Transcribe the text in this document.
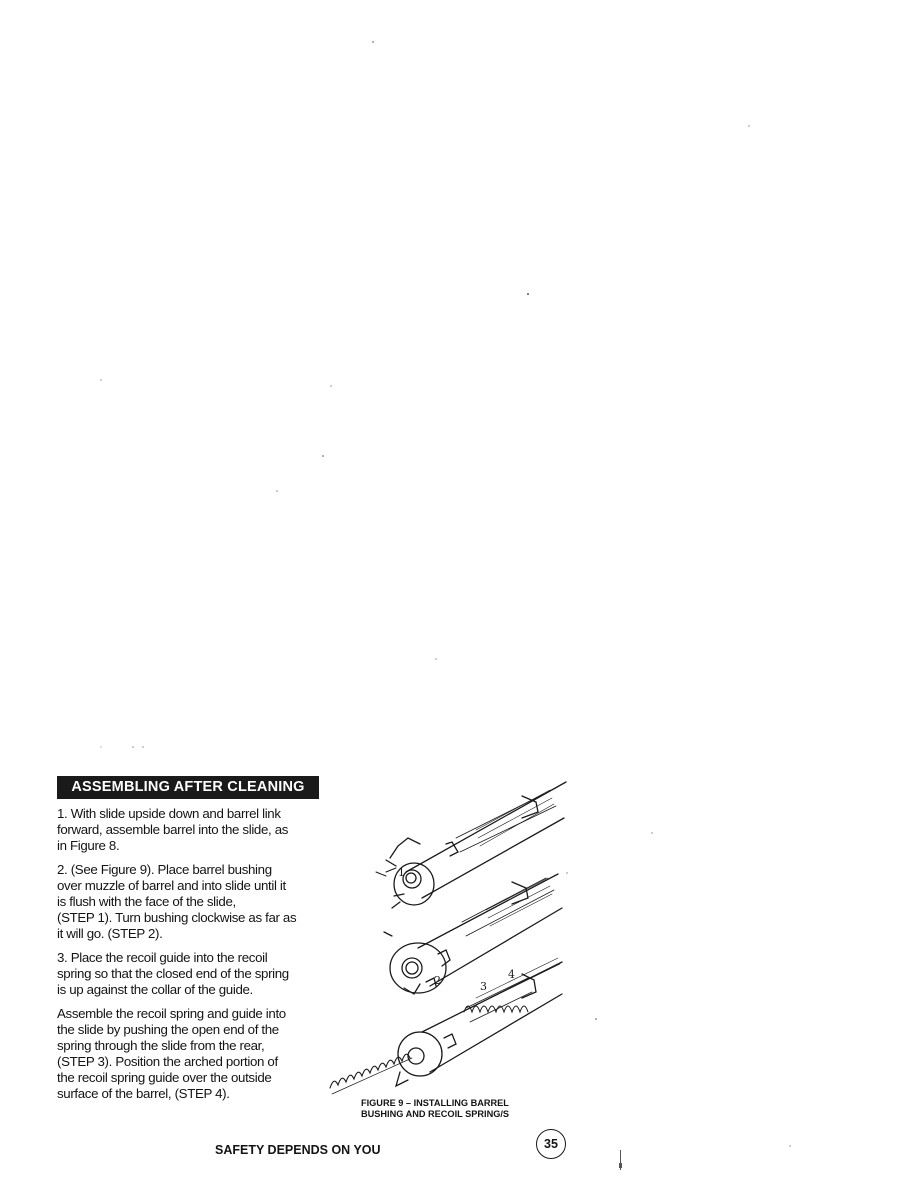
ASSEMBLING AFTER CLEANING

1. With slide upside down and barrel link
forward, assemble barrel into the slide, as
in Figure 8.

2. (See Figure 9). Place barrel bushing
over muzzle of barrel and into slide until it
is flush with the face of the slide,
(STEP 1). Turn bushing clockwise as far as
it will go. (STEP 2).

3. Place the recoil guide into the recoil
spring so that the closed end of the spring
is up against the collar of the guide.

Assemble the recoil spring and guide into
the slide by pushing the open end of the
spring through the slide from the rear,
(STEP 3). Position the arched portion of
the recoil spring guide over the outside
surface of the barrel, (STEP 4).

1
2	3
4
FIGURE 9 – INSTALLING BARREL
BUSHING AND RECOIL SPRING/S
SAFETY DEPENDS ON YOU	35
